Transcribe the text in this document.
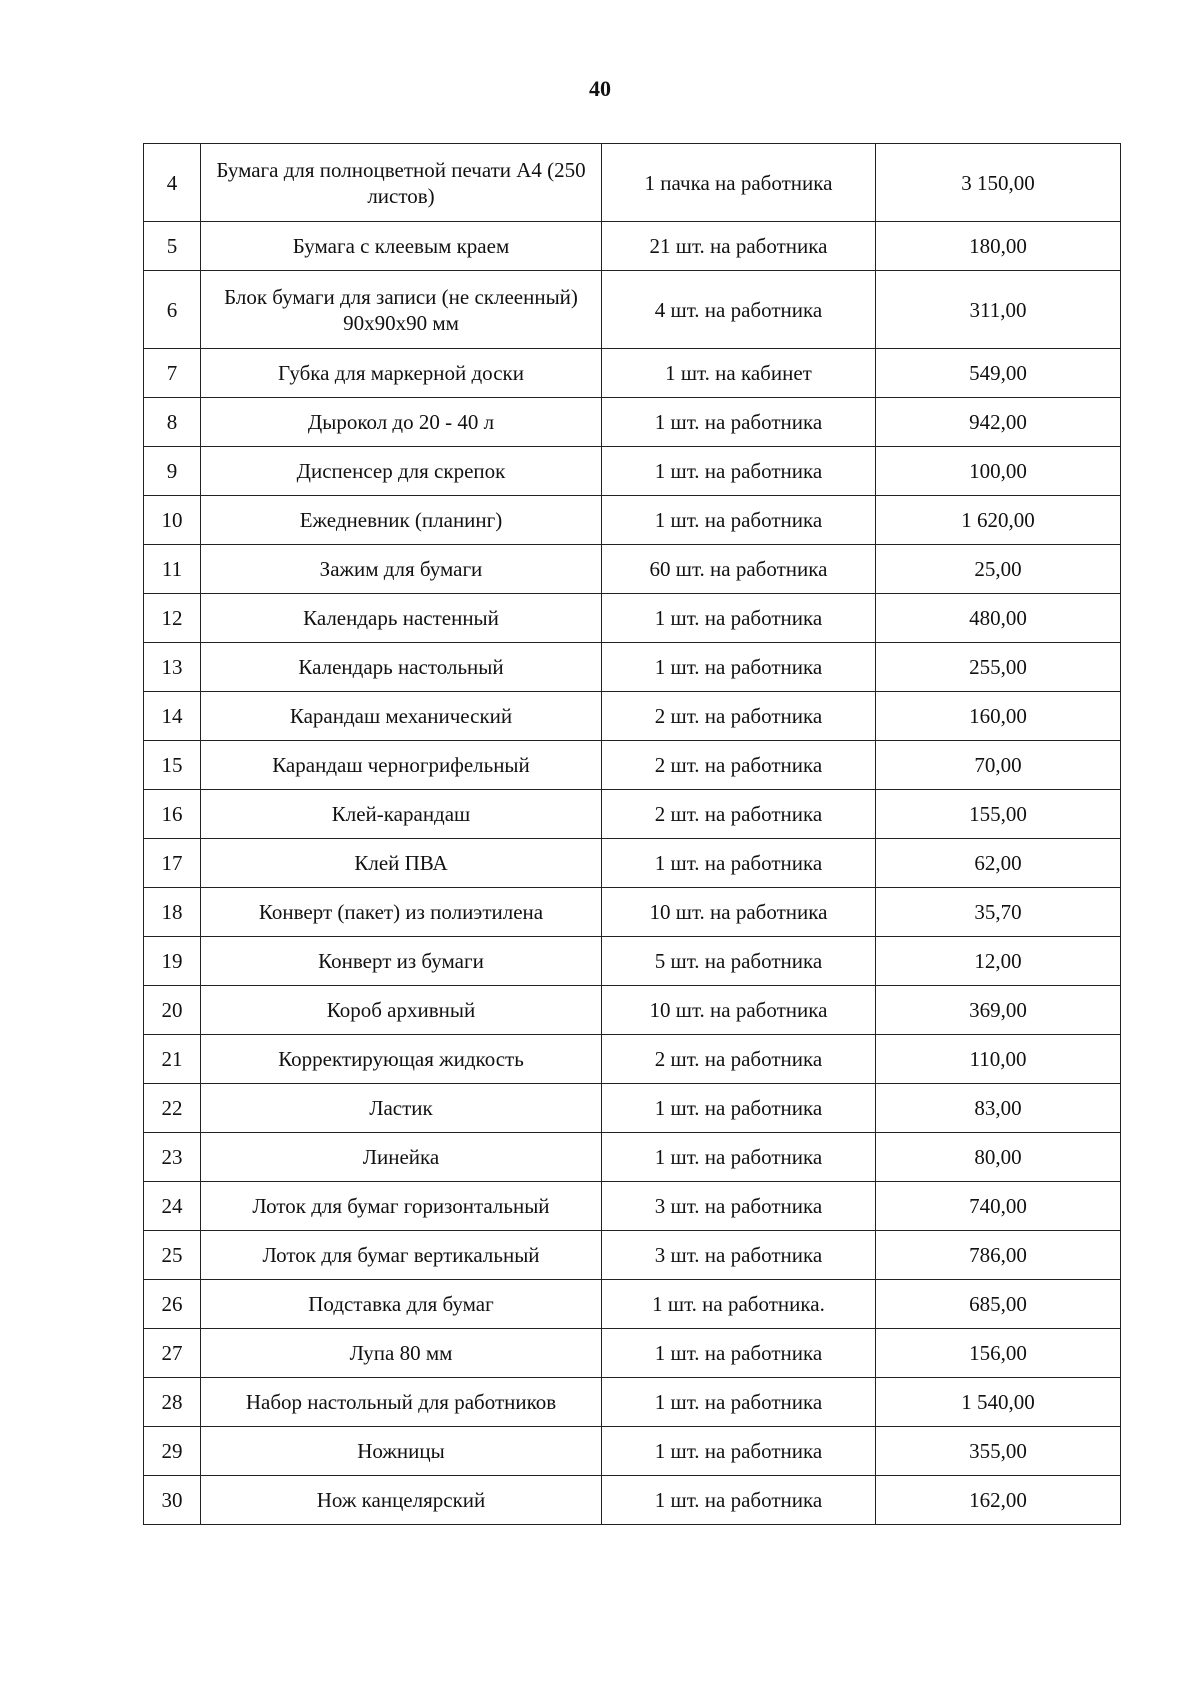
40
4	Бумага для полноцветной печати А4 (250 листов)	1 пачка на работника	3 150,00
5	Бумага с клеевым краем	21 шт. на работника	180,00
6	Блок бумаги для записи (не склеенный) 90х90х90 мм	4 шт. на работника	311,00
7	Губка для маркерной доски	1 шт. на кабинет	549,00
8	Дырокол до 20 - 40 л	1 шт. на работника	942,00
9	Диспенсер для скрепок	1 шт. на работника	100,00
10	Ежедневник (планинг)	1 шт. на работника	1 620,00
11	Зажим для бумаги	60 шт. на работника	25,00
12	Календарь настенный	1 шт. на работника	480,00
13	Календарь настольный	1 шт. на работника	255,00
14	Карандаш механический	2 шт. на работника	160,00
15	Карандаш черногрифельный	2 шт. на работника	70,00
16	Клей-карандаш	2 шт. на работника	155,00
17	Клей ПВА	1 шт. на работника	62,00
18	Конверт (пакет) из полиэтилена	10 шт. на работника	35,70
19	Конверт из бумаги	5 шт. на работника	12,00
20	Короб архивный	10 шт. на работника	369,00
21	Корректирующая жидкость	2 шт. на работника	110,00
22	Ластик	1 шт. на работника	83,00
23	Линейка	1 шт. на работника	80,00
24	Лоток для бумаг горизонтальный	3 шт. на работника	740,00
25	Лоток для бумаг вертикальный	3 шт. на работника	786,00
26	Подставка для бумаг	1 шт. на работника.	685,00
27	Лупа 80 мм	1 шт. на работника	156,00
28	Набор настольный для работников	1 шт. на работника	1 540,00
29	Ножницы	1 шт. на работника	355,00
30	Нож канцелярский	1 шт. на работника	162,00
